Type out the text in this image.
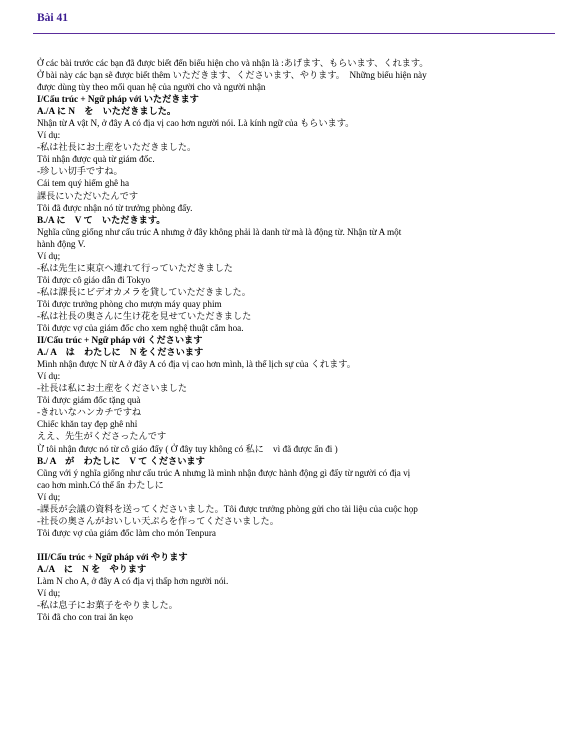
Bài 41
Ở các bài trước các bạn đã được biết đến biểu hiện cho và nhận là :あげます、もらいます、くれます。
Ở bài này các bạn sẽ được biết thêm いただきます、くださいます、やります。　Những biểu hiện này
được dùng tùy theo mối quan hệ của người cho và người nhận
I/Cấu trúc + Ngữ pháp với いただきます
A./A に N　を　いただきました。
Nhận từ A vật N, ở đây A có địa vị cao hơn người nói. Là kính ngữ của もらいます。
Ví dụ:
-私は社長にお土産をいただきました。
Tôi nhận được quà từ giám đốc.
-珍しい切手ですね。
Cái tem quý hiếm ghê ha
課長にいただいたんです
Tôi đã được nhận nó từ trưởng phòng đấy.
B./A に　V て　いただきます。
Nghĩa cũng giống như cấu trúc A nhưng ở đây không phải là danh từ mà là động từ. Nhận từ A một
hành động V.
Ví dụ;
-私は先生に東京へ連れて行っていただきました
Tôi được cô giáo dẫn đi Tokyo
-私は課長にビデオカメラを貸していただきました。
Tôi được trưởng phòng cho mượn máy quay phim
-私は社長の奥さんに生け花を見せていただきました
Tôi được vợ của giám đốc cho xem nghệ thuật cắm hoa.
II/Cấu trúc + Ngữ pháp với くださいます
A./ A　は　わたしに　N をくださいます
Mình nhận được N từ A ở đây A có địa vị cao hơn mình, là thể lịch sự của くれます。
Ví dụ:
-社長は私にお土産をくださいました
Tôi được giám đốc tặng quà
-きれいなハンカチですね
Chiếc khăn tay đẹp ghê nhỉ
ええ、先生がくださったんです
Ừ tôi nhận được nó từ cô giáo đấy ( Ở đây tuy không có 私に　vì đã được ẩn đi )
B./ A　が　わたしに　V て くださいます
Cũng với ý nghĩa giống như cấu trúc A nhưng là mình nhận được hành động gì đấy từ người có địa vị
cao hơn mình.Có thể ẩn わたしに
Ví dụ;
-課長が会議の資料を送ってくださいました。Tôi được trưởng phòng gửi cho tài liệu của cuộc họp
-社長の奥さんがおいしい天ぷらを作ってくださいました。
Tôi được vợ của giám đốc làm cho món Tenpura
III/Cấu trúc + Ngữ pháp với やります
A./A　に　N を　やります
Làm N cho A, ở đây A có địa vị thấp hơn người nói.
Ví dụ;
-私は息子にお菓子をやりました。
Tôi đã cho con trai ăn kẹo
